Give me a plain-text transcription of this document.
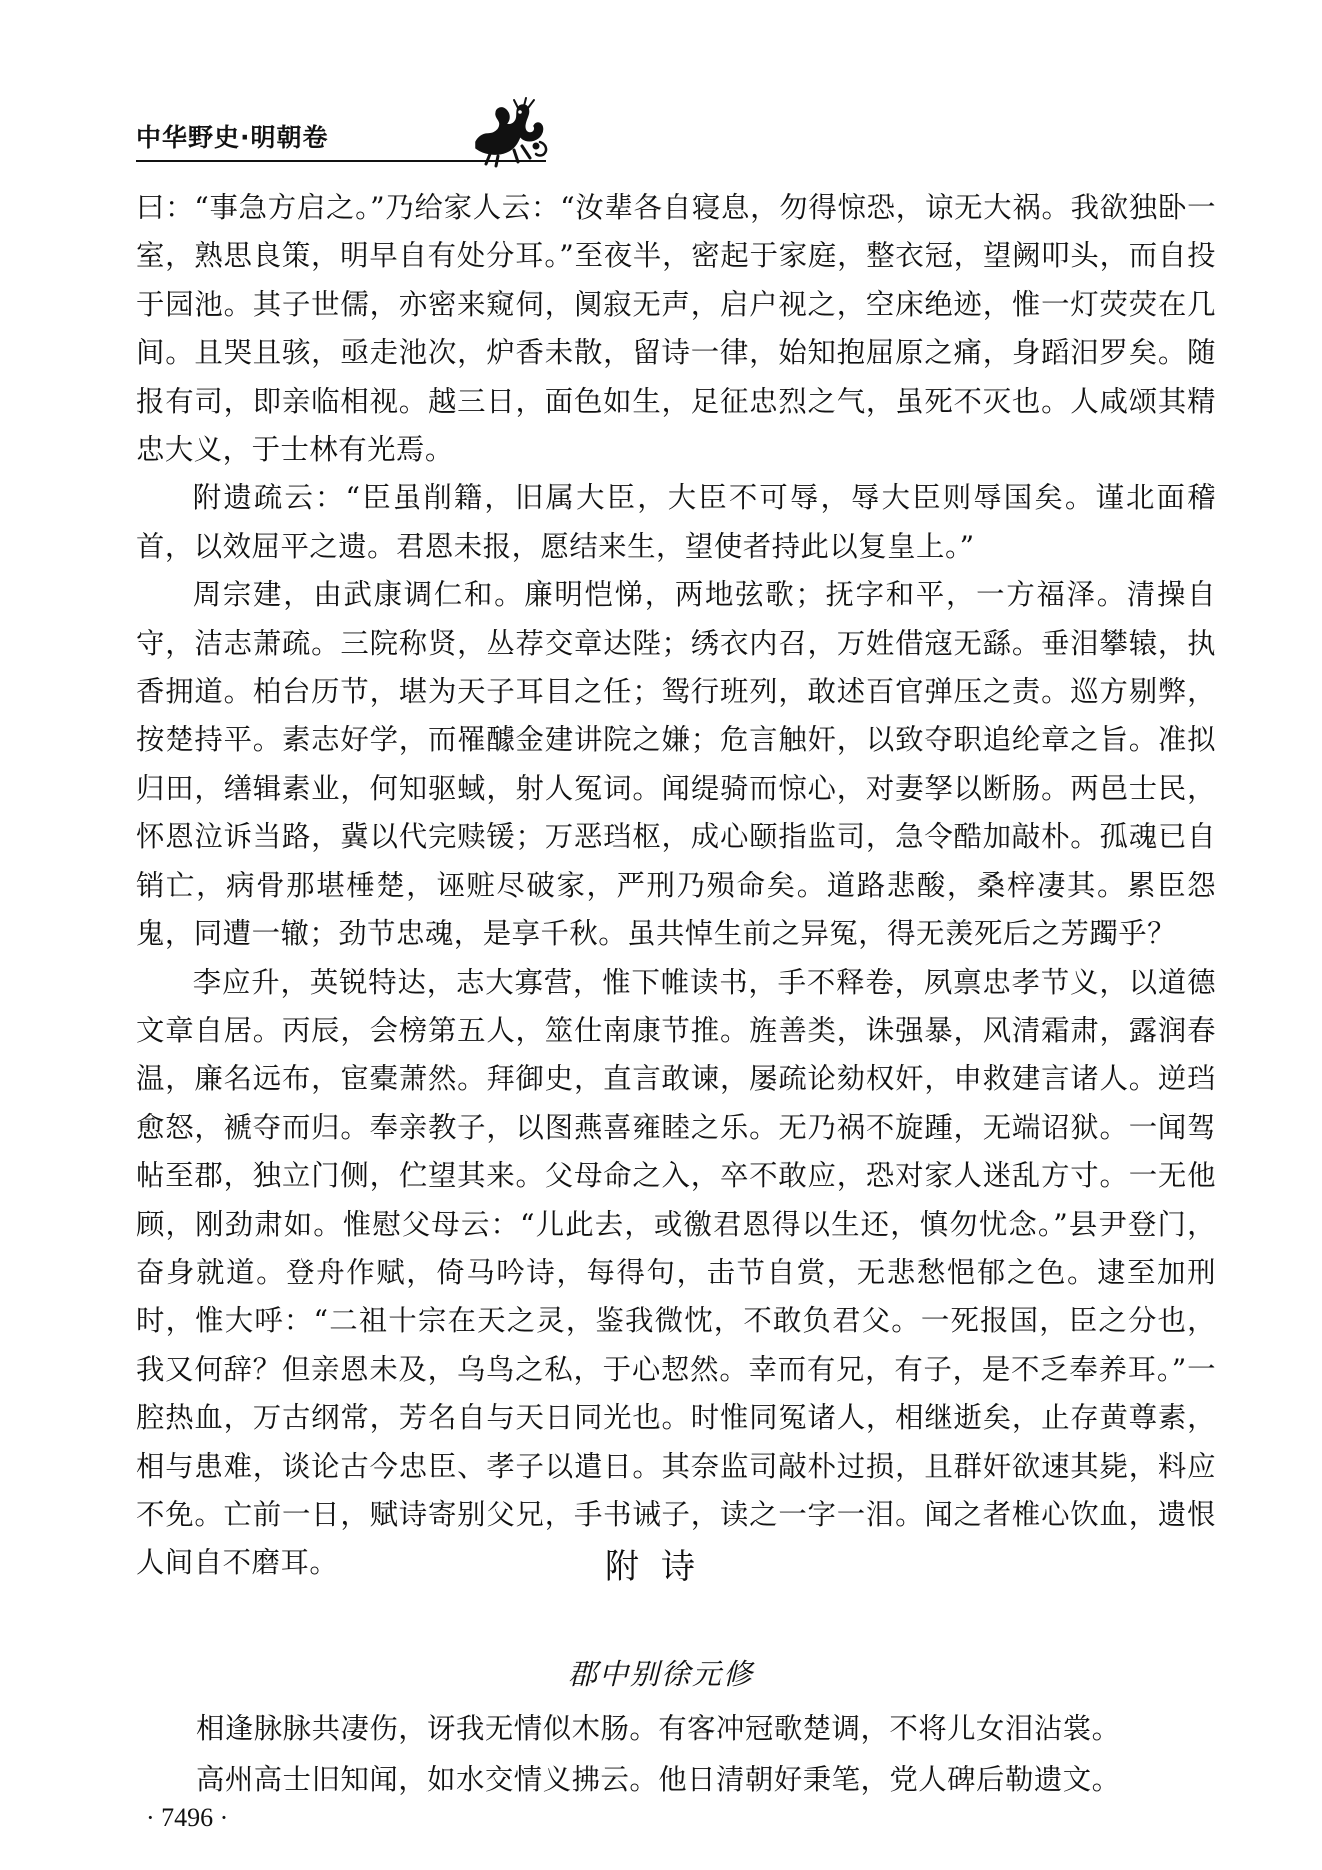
中华野史·明朝卷

曰：“事急方启之。”乃给家人云：“汝辈各自寝息，勿得惊恐，谅无大祸。我欲独卧一室，熟思良策，明早自有处分耳。”至夜半，密起于家庭，整衣冠，望阙叩头，而自投于园池。其子世儒，亦密来窥伺，阒寂无声，启户视之，空床绝迹，惟一灯荧荧在几间。且哭且骇，亟走池次，炉香未散，留诗一律，始知抱屈原之痛，身蹈汨罗矣。随报有司，即亲临相视。越三日，面色如生，足征忠烈之气，虽死不灭也。人咸颂其精忠大义，于士林有光焉。

附遗疏云：“臣虽削籍，旧属大臣，大臣不可辱，辱大臣则辱国矣。谨北面稽首，以效屈平之遗。君恩未报，愿结来生，望使者持此以复皇上。”

周宗建，由武康调仁和。廉明恺悌，两地弦歌；抚字和平，一方福泽。清操自守，洁志萧疏。三院称贤，丛荐交章达陛；绣衣内召，万姓借寇无繇。垂泪攀辕，执香拥道。柏台历节，堪为天子耳目之任；鸳行班列，敢述百官弹压之责。巡方剔弊，按楚持平。素志好学，而罹醵金建讲院之嫌；危言触奸，以致夺职追纶章之旨。准拟归田，缮辑素业，何知驱蜮，射人冤词。闻缇骑而惊心，对妻孥以断肠。两邑士民，怀恩泣诉当路，冀以代完赎锾；万恶珰枢，成心颐指监司，急令酷加敲朴。孤魂已自销亡，病骨那堪棰楚，诬赃尽破家，严刑乃殒命矣。道路悲酸，桑梓凄其。累臣怨鬼，同遭一辙；劲节忠魂，是享千秋。虽共悼生前之异冤，得无羡死后之芳躅乎？

李应升，英锐特达，志大寡营，惟下帷读书，手不释卷，夙禀忠孝节义，以道德文章自居。丙辰，会榜第五人，筮仕南康节推。旌善类，诛强暴，风清霜肃，露润春温，廉名远布，宦橐萧然。拜御史，直言敢谏，屡疏论劾权奸，申救建言诸人。逆珰愈怒，褫夺而归。奉亲教子，以图燕喜雍睦之乐。无乃祸不旋踵，无端诏狱。一闻驾帖至郡，独立门侧，伫望其来。父母命之入，卒不敢应，恐对家人迷乱方寸。一无他顾，刚劲肃如。惟慰父母云：“儿此去，或徼君恩得以生还，慎勿忧念。”县尹登门，奋身就道。登舟作赋，倚马吟诗，每得句，击节自赏，无悲愁悒郁之色。逮至加刑时，惟大呼：“二祖十宗在天之灵，鉴我微忱，不敢负君父。一死报国，臣之分也，我又何辞？但亲恩未及，乌鸟之私，于心恝然。幸而有兄，有子，是不乏奉养耳。”一腔热血，万古纲常，芳名自与天日同光也。时惟同冤诸人，相继逝矣，止存黄尊素，相与患难，谈论古今忠臣、孝子以遣日。其奈监司敲朴过损，且群奸欲速其毙，料应不免。亡前一日，赋诗寄别父兄，手书诫子，读之一字一泪。闻之者椎心饮血，遗恨人间自不磨耳。	附诗
郡中别徐元修

相逢脉脉共凄伤，讶我无情似木肠。有客冲冠歌楚调，不将儿女泪沾裳。

高州高士旧知闻，如水交情义拂云。他日清朝好秉笔，党人碑后勒遗文。

· 7496 ·
